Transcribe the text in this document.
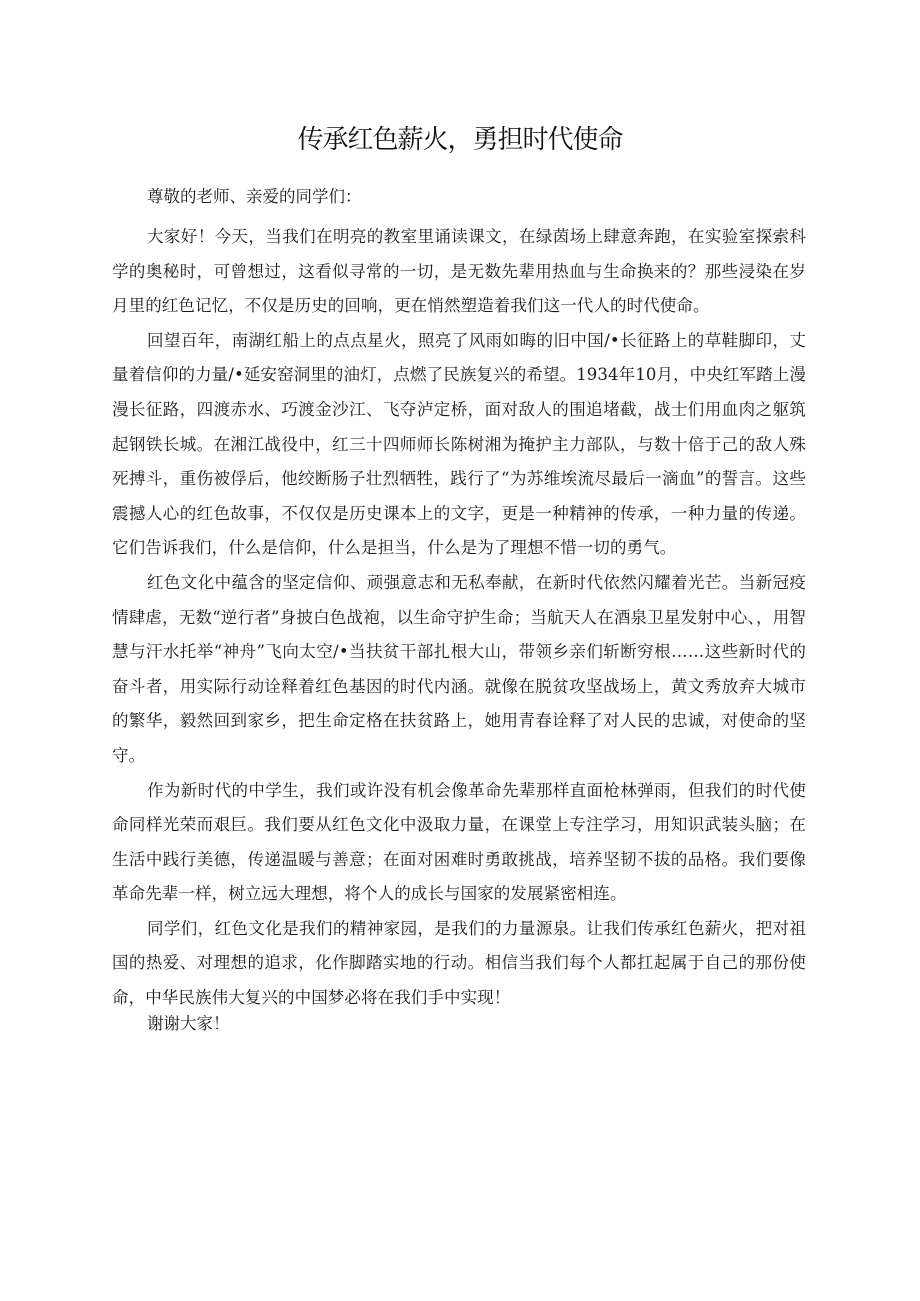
传承红色薪火，勇担时代使命

尊敬的老师、亲爱的同学们：

大家好！今天，当我们在明亮的教室里诵读课文，在绿茵场上肆意奔跑，在实验室探索科学的奥秘时，可曾想过，这看似寻常的一切，是无数先辈用热血与生命换来的？那些浸染在岁月里的红色记忆，不仅是历史的回响，更在悄然塑造着我们这一代人的时代使命。

回望百年，南湖红船上的点点星火，照亮了风雨如晦的旧中国/•长征路上的草鞋脚印，丈量着信仰的力量/•延安窑洞里的油灯，点燃了民族复兴的希望。1934年10月，中央红军踏上漫漫长征路，四渡赤水、巧渡金沙江、飞夺泸定桥，面对敌人的围追堵截，战士们用血肉之躯筑起钢铁长城。在湘江战役中，红三十四师师长陈树湘为掩护主力部队，与数十倍于己的敌人殊死搏斗，重伤被俘后，他绞断肠子壮烈牺牲，践行了“为苏维埃流尽最后一滴血”的誓言。这些震撼人心的红色故事，不仅仅是历史课本上的文字，更是一种精神的传承，一种力量的传递。它们告诉我们，什么是信仰，什么是担当，什么是为了理想不惜一切的勇气。

红色文化中蕴含的坚定信仰、顽强意志和无私奉献，在新时代依然闪耀着光芒。当新冠疫情肆虐，无数“逆行者”身披白色战袍，以生命守护生命；当航天人在酒泉卫星发射中心、，用智慧与汗水托举“神舟”飞向太空/•当扶贫干部扎根大山，带领乡亲们斩断穷根……这些新时代的奋斗者，用实际行动诠释着红色基因的时代内涵。就像在脱贫攻坚战场上，黄文秀放弃大城市的繁华，毅然回到家乡，把生命定格在扶贫路上，她用青春诠释了对人民的忠诚，对使命的坚守。

作为新时代的中学生，我们或许没有机会像革命先辈那样直面枪林弹雨，但我们的时代使命同样光荣而艰巨。我们要从红色文化中汲取力量，在课堂上专注学习，用知识武装头脑；在生活中践行美德，传递温暖与善意；在面对困难时勇敢挑战，培养坚韧不拔的品格。我们要像革命先辈一样，树立远大理想，将个人的成长与国家的发展紧密相连。

同学们，红色文化是我们的精神家园，是我们的力量源泉。让我们传承红色薪火，把对祖国的热爱、对理想的追求，化作脚踏实地的行动。相信当我们每个人都扛起属于自己的那份使命，中华民族伟大复兴的中国梦必将在我们手中实现！

谢谢大家！
